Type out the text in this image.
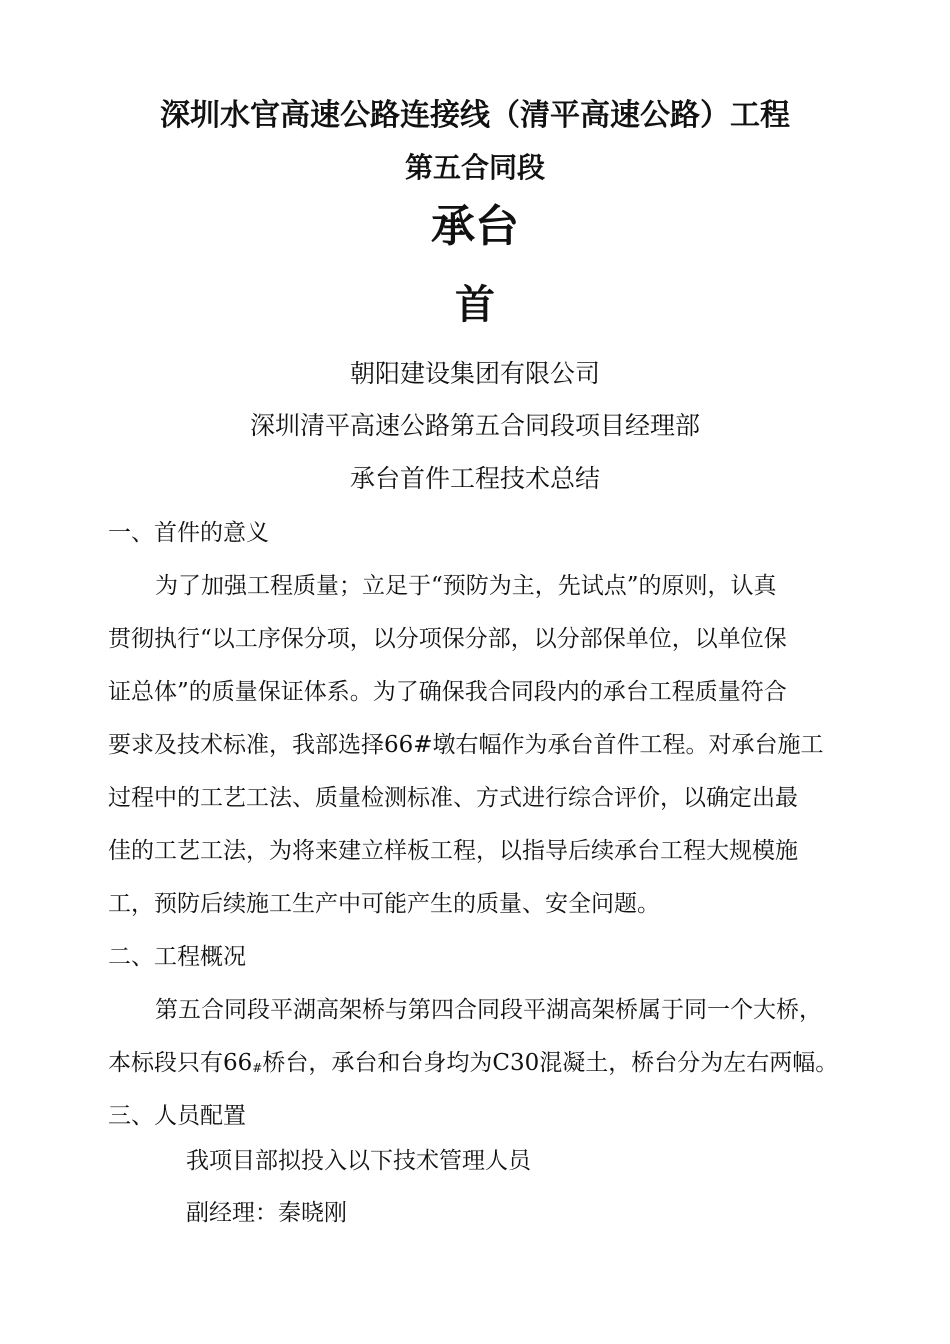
深圳水官高速公路连接线（清平高速公路）工程
第五合同段
承台
首
朝阳建设集团有限公司
深圳清平高速公路第五合同段项目经理部
承台首件工程技术总结
一、首件的意义
为了加强工程质量；立足于“预防为主，先试点”的原则，认真
贯彻执行“以工序保分项，以分项保分部，以分部保单位，以单位保
证总体”的质量保证体系。为了确保我合同段内的承台工程质量符合
要求及技术标准，我部选择66#墩右幅作为承台首件工程。对承台施工
过程中的工艺工法、质量检测标准、方式进行综合评价，以确定出最
佳的工艺工法，为将来建立样板工程，以指导后续承台工程大规模施
工，预防后续施工生产中可能产生的质量、安全问题。
二、工程概况
第五合同段平湖高架桥与第四合同段平湖高架桥属于同一个大桥，
本标段只有66#桥台，承台和台身均为C30混凝土，桥台分为左右两幅。
三、人员配置
我项目部拟投入以下技术管理人员
副经理：秦晓刚
